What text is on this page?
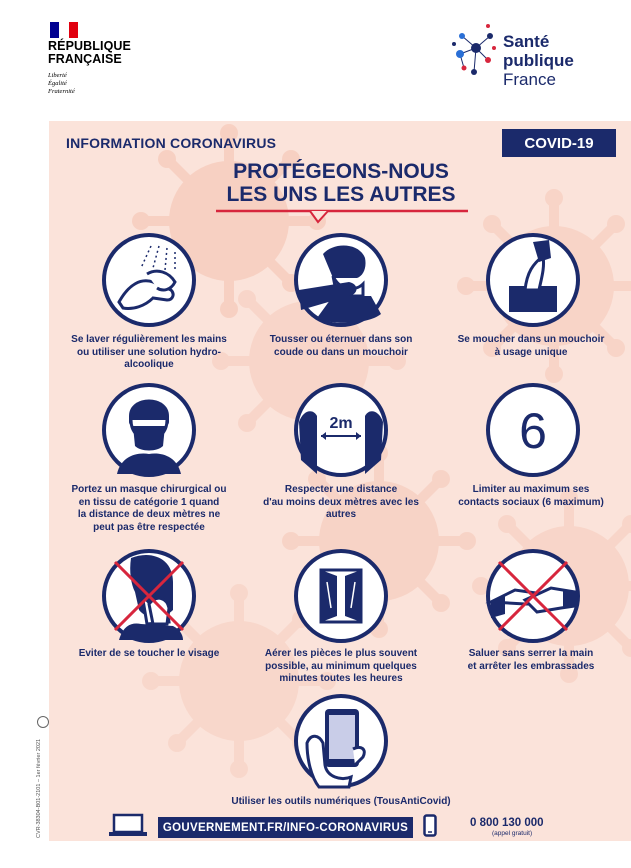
RÉPUBLIQUE
FRANÇAISE
Liberté
Égalité
Fraternité
Santé
publique
France
INFORMATION CORONAVIRUS	COVID-19
PROTÉGEONS-NOUS
LES UNS LES AUTRES
Se laver régulièrement les mains
ou utiliser une solution hydro-
alcoolique
Tousser ou éternuer dans son
coude ou dans un mouchoir
Se moucher dans un mouchoir
à usage unique
2m	6
Portez un masque chirurgical ou
en tissu de catégorie 1 quand
la distance de deux mètres ne
peut pas être respectée
Respecter une distance
d'au moins deux mètres avec les
autres
Limiter au maximum ses
contacts sociaux (6 maximum)
Eviter de se toucher le visage	Aérer les pièces le plus souvent
possible, au minimum quelques
minutes toutes les heures
Saluer sans serrer la main
et arrêter les embrassades
Utiliser les outils numériques (TousAntiCovid)
GOUVERNEMENT.FR/INFO-CORONAVIRUS	0 800 130 000
(appel gratuit)
CVR-38304-B01-2101 – 1er février 2021
